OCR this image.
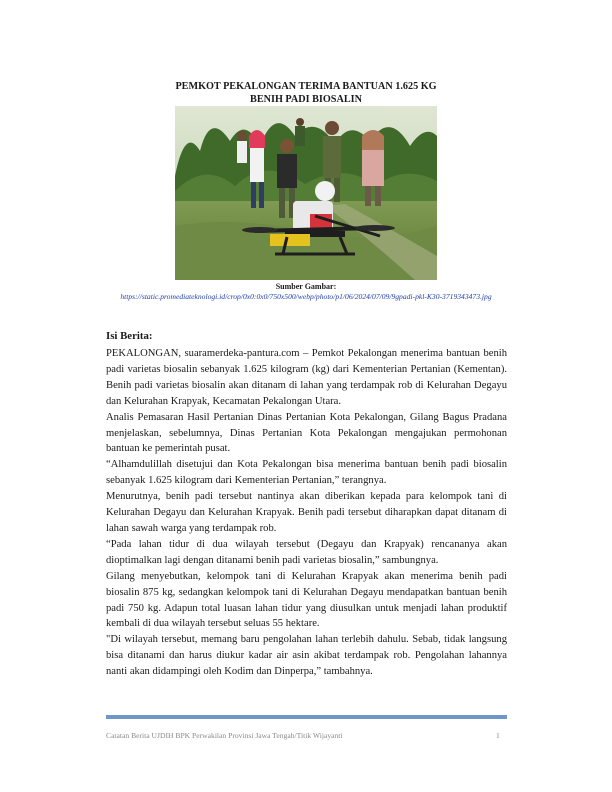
PEMKOT PEKALONGAN TERIMA BANTUAN 1.625 KG
BENIH PADI BIOSALIN
Sumber Gambar:
https://static.promediateknologi.id/crop/0x0:0x0/750x500/webp/photo/p1/06/2024/07/09/9gpadi-pkl-K30-3719343473.jpg
Isi Berita:

PEKALONGAN, suaramerdeka-pantura.com – Pemkot Pekalongan menerima bantuan benih padi varietas biosalin sebanyak 1.625 kilogram (kg) dari Kementerian Pertanian (Kementan). Benih padi varietas biosalin akan ditanam di lahan yang terdampak rob di Kelurahan Degayu dan Kelurahan Krapyak, Kecamatan Pekalongan Utara.

Analis Pemasaran Hasil Pertanian Dinas Pertanian Kota Pekalongan, Gilang Bagus Pradana menjelaskan, sebelumnya, Dinas Pertanian Kota Pekalongan mengajukan permohonan bantuan ke pemerintah pusat.

“Alhamdulillah disetujui dan Kota Pekalongan bisa menerima bantuan benih padi biosalin sebanyak 1.625 kilogram dari Kementerian Pertanian,” terangnya.

Menurutnya, benih padi tersebut nantinya akan diberikan kepada para kelompok tani di Kelurahan Degayu dan Kelurahan Krapyak. Benih padi tersebut diharapkan dapat ditanam di lahan sawah warga yang terdampak rob.

“Pada lahan tidur di dua wilayah tersebut (Degayu dan Krapyak) rencananya akan dioptimalkan lagi dengan ditanami benih padi varietas biosalin,” sambungnya.

Gilang menyebutkan, kelompok tani di Kelurahan Krapyak akan menerima benih padi biosalin 875 kg, sedangkan kelompok tani di Kelurahan Degayu mendapatkan bantuan benih padi 750 kg. Adapun total luasan lahan tidur yang diusulkan untuk menjadi lahan produktif kembali di dua wilayah tersebut seluas 55 hektare.

"Di wilayah tersebut, memang baru pengolahan lahan terlebih dahulu. Sebab, tidak langsung bisa ditanami dan harus diukur kadar air asin akibat terdampak rob. Pengolahan lahannya nanti akan didampingi oleh Kodim dan Dinperpa,” tambahnya.

Catatan Berita UJDIH BPK Perwakilan Provinsi Jawa Tengah/Titik Wijayanti	1
